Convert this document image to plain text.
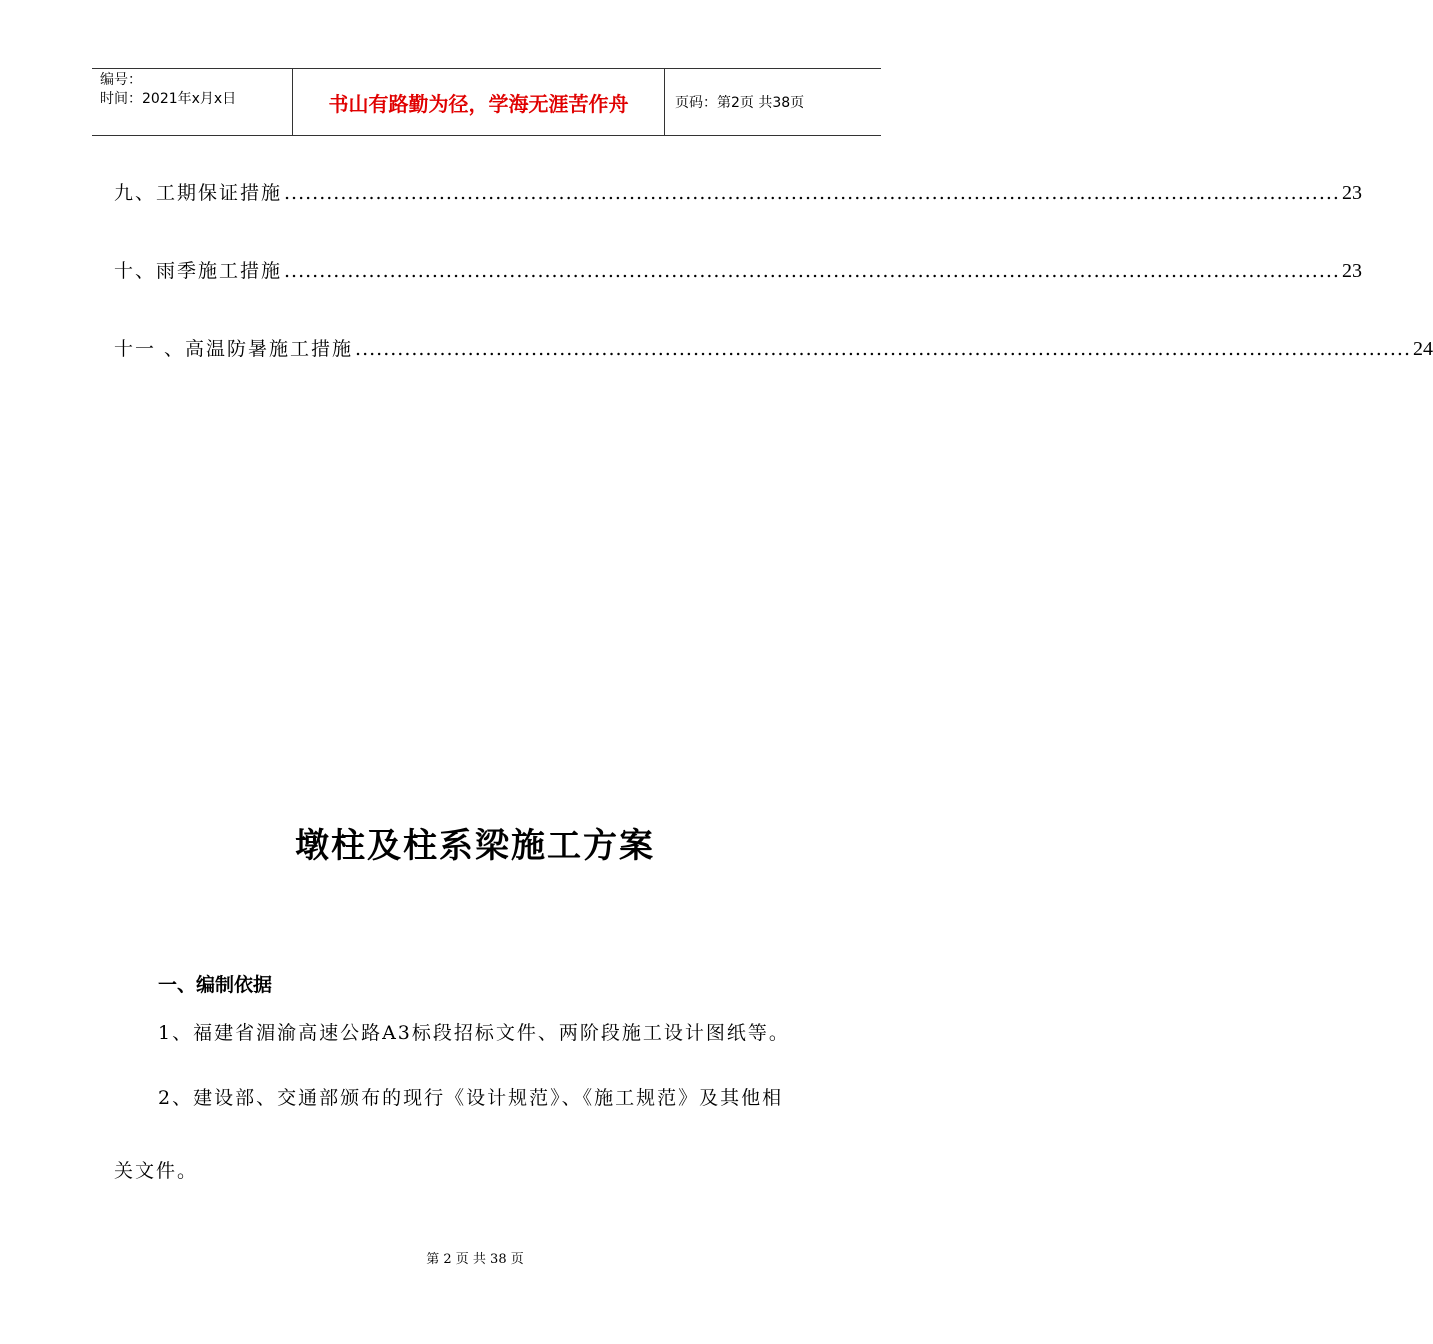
编号：
时间：2021年x月x日	书山有路勤为径，学海无涯苦作舟	页码：第2页 共38页
九、工期保证措施 ...................................................................................................................................................... 23
十、雨季施工措施 ...................................................................................................................................................... 23
十一 、高温防暑施工措施 ...................................................................................................................................................... 24
墩柱及柱系梁施工方案
一、编制依据
1、福建省湄渝高速公路A3标段招标文件、两阶段施工设计图纸等。
2、建设部、交通部颁布的现行《设计规范》、《施工规范》及其他相
关文件。
第 2 页 共 38 页
